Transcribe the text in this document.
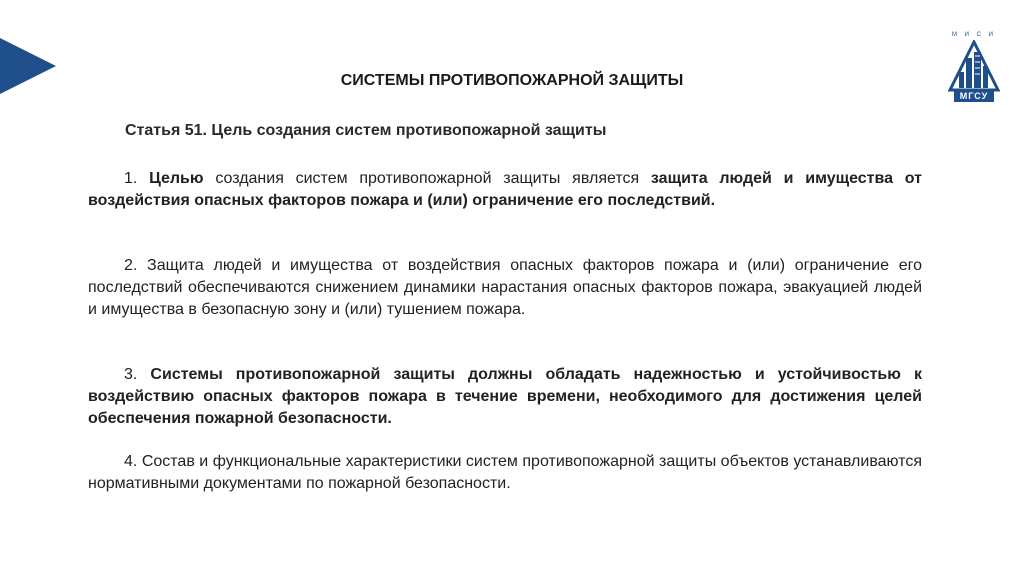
М И С И
МГСУ
СИСТЕМЫ ПРОТИВОПОЖАРНОЙ ЗАЩИТЫ
Статья 51. Цель создания систем противопожарной защиты
1. Целью создания систем противопожарной защиты является защита людей и имущества от воздействия опасных факторов пожара и (или) ограничение его последствий.
2. Защита людей и имущества от воздействия опасных факторов пожара и (или) ограничение его последствий обеспечиваются снижением динамики нарастания опасных факторов пожара, эвакуацией людей и имущества в безопасную зону и (или) тушением пожара.
3. Системы противопожарной защиты должны обладать надежностью и устойчивостью к воздействию опасных факторов пожара в течение времени, необходимого для достижения целей обеспечения пожарной безопасности.
4. Состав и функциональные характеристики систем противопожарной защиты объектов устанавливаются нормативными документами по пожарной безопасности.
